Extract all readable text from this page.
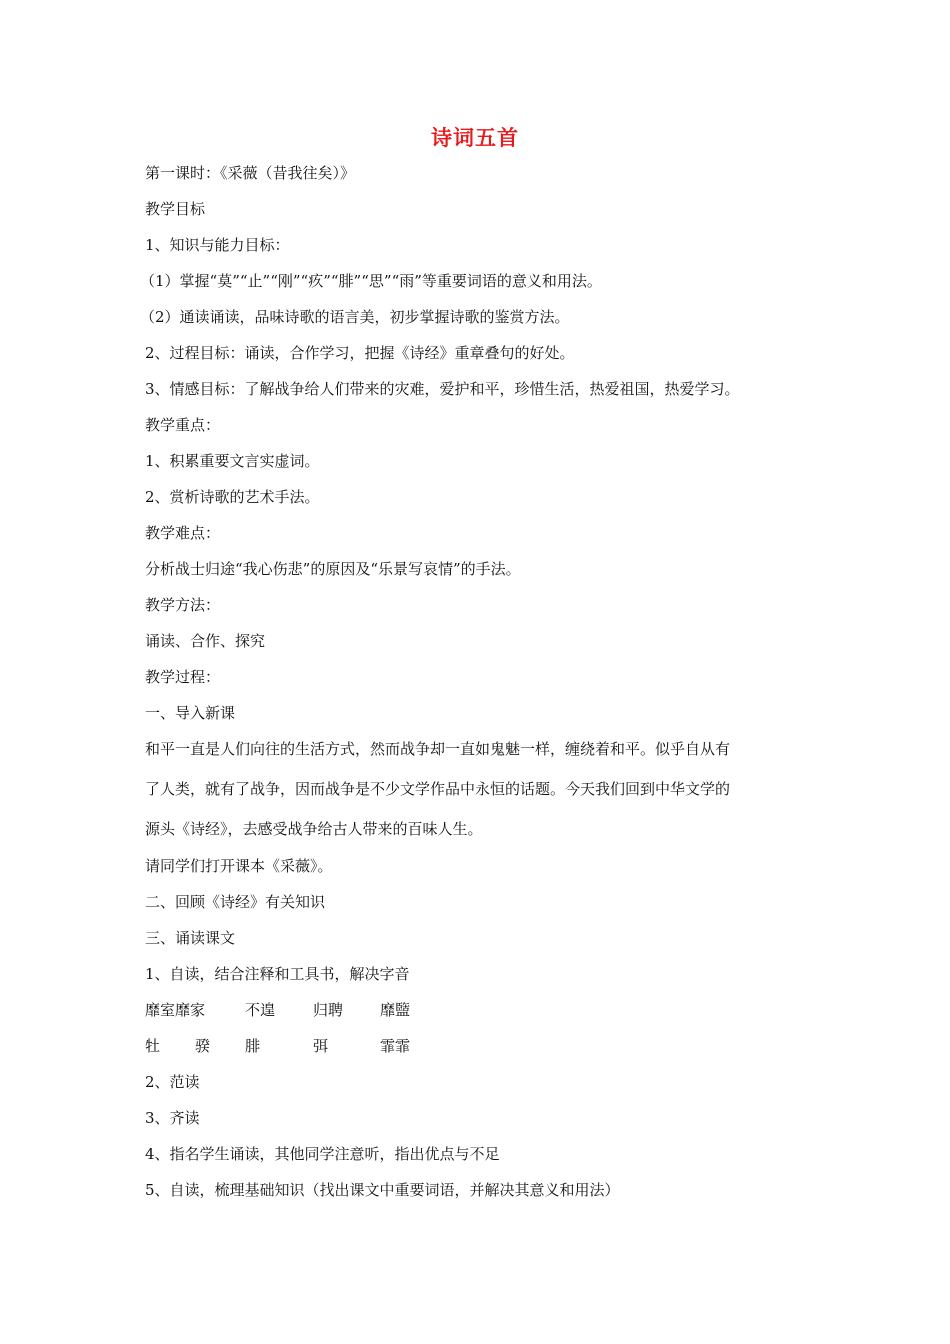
诗词五首
第一课时：《采薇（昔我往矣）》
教学目标
1、知识与能力目标：
（1）掌握“莫”“止”“刚”“疚”“腓”“思”“雨”等重要词语的意义和用法。
（2）通读诵读，品味诗歌的语言美，初步掌握诗歌的鉴赏方法。
2、过程目标：诵读，合作学习，把握《诗经》重章叠句的好处。
3、情感目标：了解战争给人们带来的灾难，爱护和平，珍惜生活，热爱祖国，热爱学习。
教学重点：
1、积累重要文言实虚词。
2、赏析诗歌的艺术手法。
教学难点：
分析战士归途“我心伤悲”的原因及“乐景写哀情”的手法。
教学方法：
诵读、合作、探究
教学过程：
一、导入新课
和平一直是人们向往的生活方式，然而战争却一直如鬼魅一样，缠绕着和平。似乎自从有
了人类，就有了战争，因而战争是不少文学作品中永恒的话题。今天我们回到中华文学的
源头《诗经》，去感受战争给古人带来的百味人生。
请同学们打开课本《采薇》。
二、回顾《诗经》有关知识
三、诵读课文
1、自读，结合注释和工具书，解决字音
靡室靡家	不遑	归聘 靡盬
牡 骙 腓	弭	霏霏
2、范读
3、齐读
4、指名学生诵读，其他同学注意听，指出优点与不足
5、自读，梳理基础知识（找出课文中重要词语，并解决其意义和用法）
